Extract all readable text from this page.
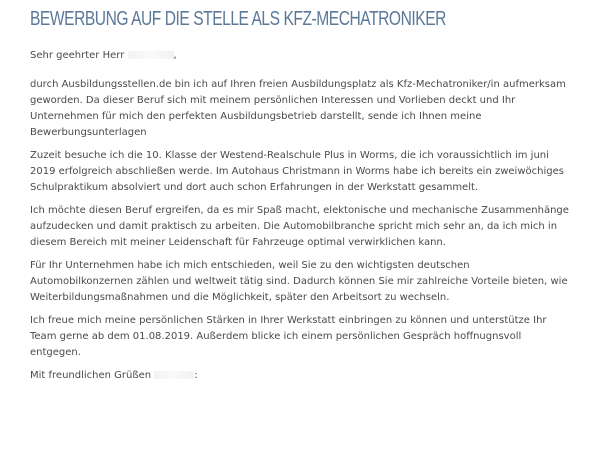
BEWERBUNG AUF DIE STELLE ALS KFZ-MECHATRONIKER

Sehr geehrter Herr	,

durch Ausbildungsstellen.de bin ich auf Ihren freien Ausbildungsplatz als Kfz-Mechatroniker/in aufmerksam geworden. Da dieser Beruf sich mit meinem persönlichen Interessen und Vorlieben deckt und Ihr Unternehmen für mich den perfekten Ausbildungsbetrieb darstellt, sende ich Ihnen meine Bewerbungsunterlagen

Zuzeit besuche ich die 10. Klasse der Westend-Realschule Plus in Worms, die ich voraussichtlich im juni 2019 erfolgreich abschließen werde. Im Autohaus Christmann in Worms habe ich bereits ein zweiwöchiges Schulpraktikum absolviert und dort auch schon Erfahrungen in der Werkstatt gesammelt.

Ich möchte diesen Beruf ergreifen, da es mir Spaß macht, elektonische und mechanische Zusammenhänge aufzudecken und damit praktisch zu arbeiten. Die Automobilbranche spricht mich sehr an, da ich mich in diesem Bereich mit meiner Leidenschaft für Fahrzeuge optimal verwirklichen kann.

Für Ihr Unternehmen habe ich mich entschieden, weil Sie zu den wichtigsten deutschen Automobilkonzernen zählen und weltweit tätig sind. Dadurch können Sie mir zahlreiche Vorteile bieten, wie Weiterbildungsmaßnahmen und die Möglichkeit, später den Arbeitsort zu wechseln.

Ich freue mich meine persönlichen Stärken in Ihrer Werkstatt einbringen zu können und unterstütze Ihr Team gerne ab dem 01.08.2019. Außerdem blicke ich einem persönlichen Gespräch hoffnugnsvoll entgegen.

Mit freundlichen Grüßen	:
